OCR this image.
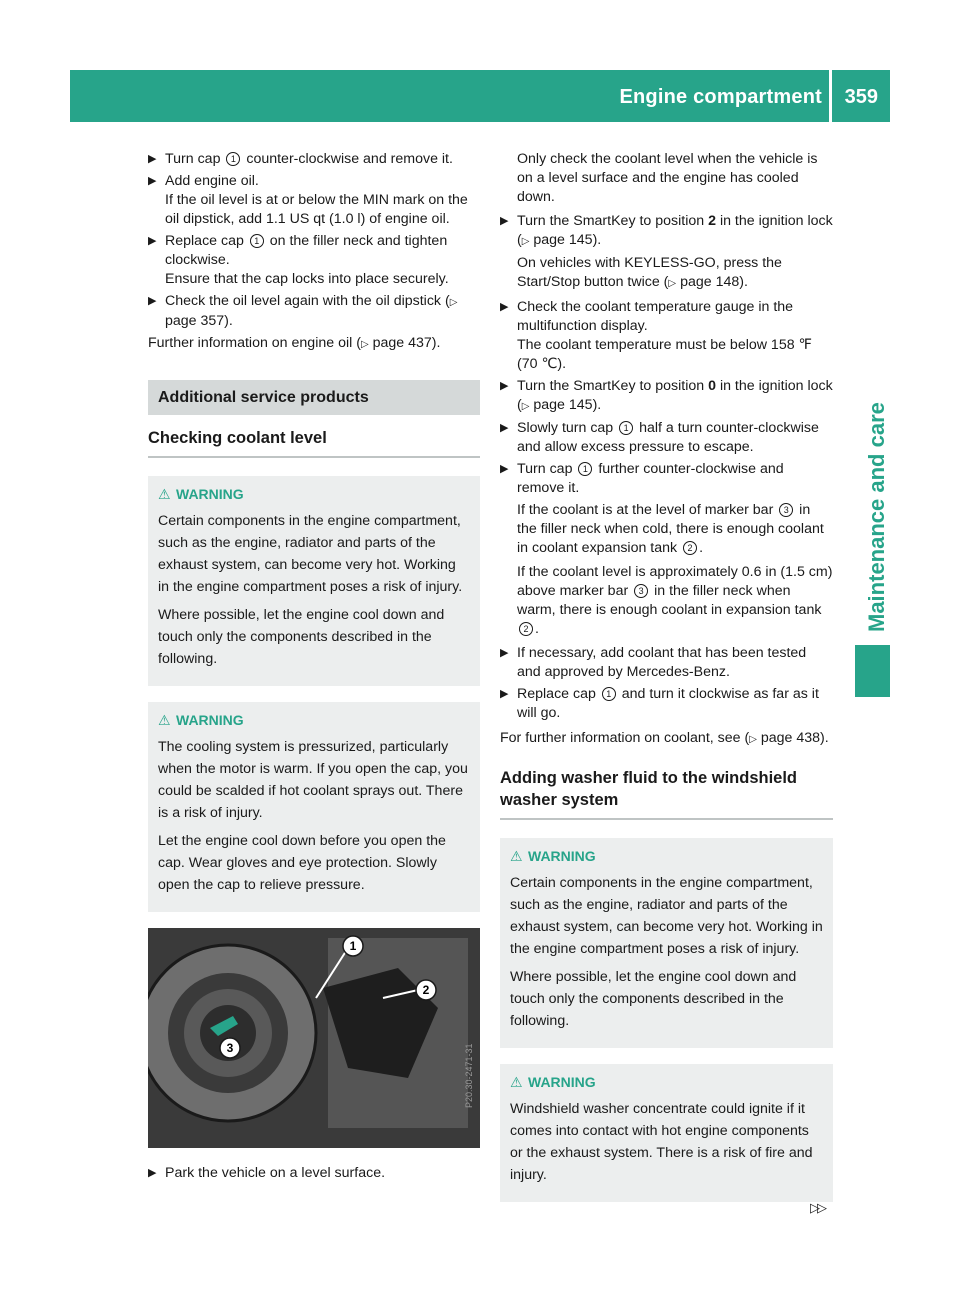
Engine compartment 359
Maintenance and care
▶ Turn cap 1 counter-clockwise and remove it.
▶ Add engine oil.
If the oil level is at or below the MIN mark on the oil dipstick, add 1.1 US qt (1.0 l) of engine oil.
▶ Replace cap 1 on the filler neck and tighten clockwise.
Ensure that the cap locks into place securely.
▶ Check the oil level again with the oil dipstick (▷ page 357).
Further information on engine oil (▷ page 437).
Additional service products
Checking coolant level
⚠ WARNING
Certain components in the engine compartment, such as the engine, radiator and parts of the exhaust system, can become very hot. Working in the engine compartment poses a risk of injury.
Where possible, let the engine cool down and touch only the components described in the following.
⚠ WARNING
The cooling system is pressurized, particularly when the motor is warm. If you open the cap, you could be scalded if hot coolant sprays out. There is a risk of injury.
Let the engine cool down before you open the cap. Wear gloves and eye protection. Slowly open the cap to relieve pressure.
1
2
3	P20.30-2471-31
▶ Park the vehicle on a level surface.
Only check the coolant level when the vehicle is on a level surface and the engine has cooled down.
▶ Turn the SmartKey to position 2 in the ignition lock (▷ page 145).
On vehicles with KEYLESS-GO, press the Start/Stop button twice (▷ page 148).
▶ Check the coolant temperature gauge in the multifunction display.
The coolant temperature must be below 158 ℉ (70 ℃).
▶ Turn the SmartKey to position 0 in the ignition lock (▷ page 145).
▶ Slowly turn cap 1 half a turn counter-clockwise and allow excess pressure to escape.
▶ Turn cap 1 further counter-clockwise and remove it.
If the coolant is at the level of marker bar 3 in the filler neck when cold, there is enough coolant in coolant expansion tank 2 .
If the coolant level is approximately 0.6 in (1.5 cm) above marker bar 3 in the filler neck when warm, there is enough coolant in expansion tank 2 .
▶ If necessary, add coolant that has been tested and approved by Mercedes-Benz.
▶ Replace cap 1 and turn it clockwise as far as it will go.
For further information on coolant, see (▷ page 438).
Adding washer fluid to the windshield washer system
⚠ WARNING
Certain components in the engine compartment, such as the engine, radiator and parts of the exhaust system, can become very hot. Working in the engine compartment poses a risk of injury.
Where possible, let the engine cool down and touch only the components described in the following.
⚠ WARNING
Windshield washer concentrate could ignite if it comes into contact with hot engine components or the exhaust system. There is a risk of fire and injury.
▷▷
